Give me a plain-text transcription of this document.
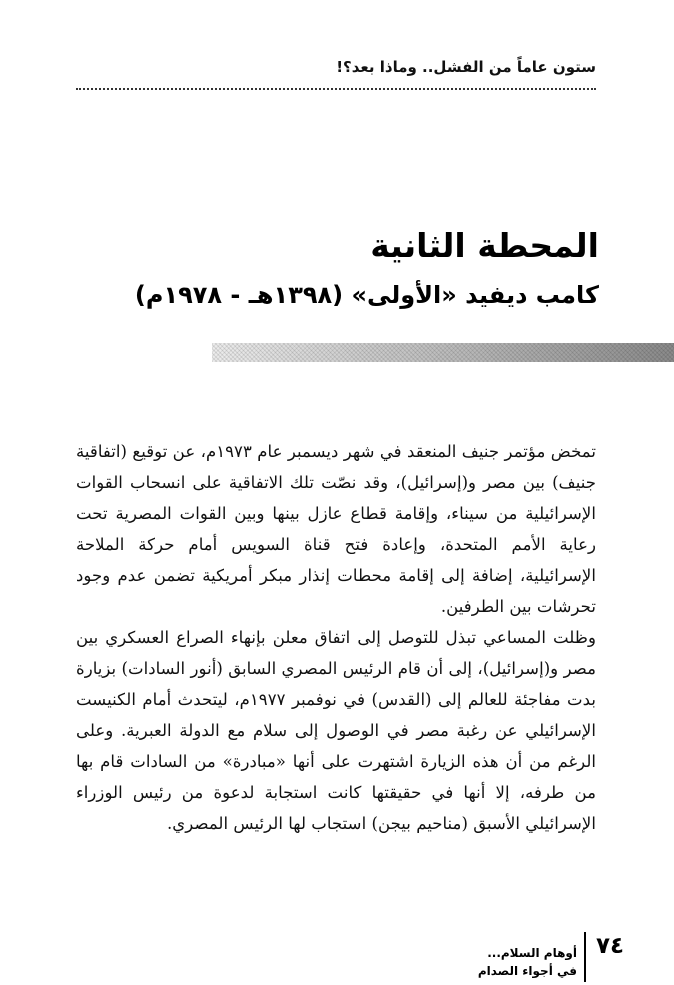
ستون عاماً من الفشل.. وماذا بعد؟!
المحطة الثانية
كامب ديفيد «الأولى» (١٣٩٨هـ - ١٩٧٨م)

تمخض مؤتمر جنيف المنعقد في شهر ديسمبر عام ١٩٧٣م، عن توقيع (اتفاقية جنيف) بين مصر و(إسرائيل)، وقد نصّت تلك الاتفاقية على انسحاب القوات الإسرائيلية من سيناء، وإقامة قطاع عازل بينها وبين القوات المصرية تحت رعاية الأمم المتحدة، وإعادة فتح قناة السويس أمام حركة الملاحة الإسرائيلية، إضافة إلى إقامة محطات إنذار مبكر أمريكية تضمن عدم وجود تحرشات بين الطرفين.

وظلت المساعي تبذل للتوصل إلى اتفاق معلن بإنهاء الصراع العسكري بين مصر و(إسرائيل)، إلى أن قام الرئيس المصري السابق (أنور السادات) بزيارة بدت مفاجئة للعالم إلى (القدس) في نوفمبر ١٩٧٧م، ليتحدث أمام الكنيست الإسرائيلي عن رغبة مصر في الوصول إلى سلام مع الدولة العبرية. وعلى الرغم من أن هذه الزيارة اشتهرت على أنها «مبادرة» من السادات قام بها من طرفه، إلا أنها في حقيقتها كانت استجابة لدعوة من رئيس الوزراء الإسرائيلي الأسبق (مناحيم بيجن) استجاب لها الرئيس المصري.

٧٤
أوهام السلام...
في أجواء الصدام
